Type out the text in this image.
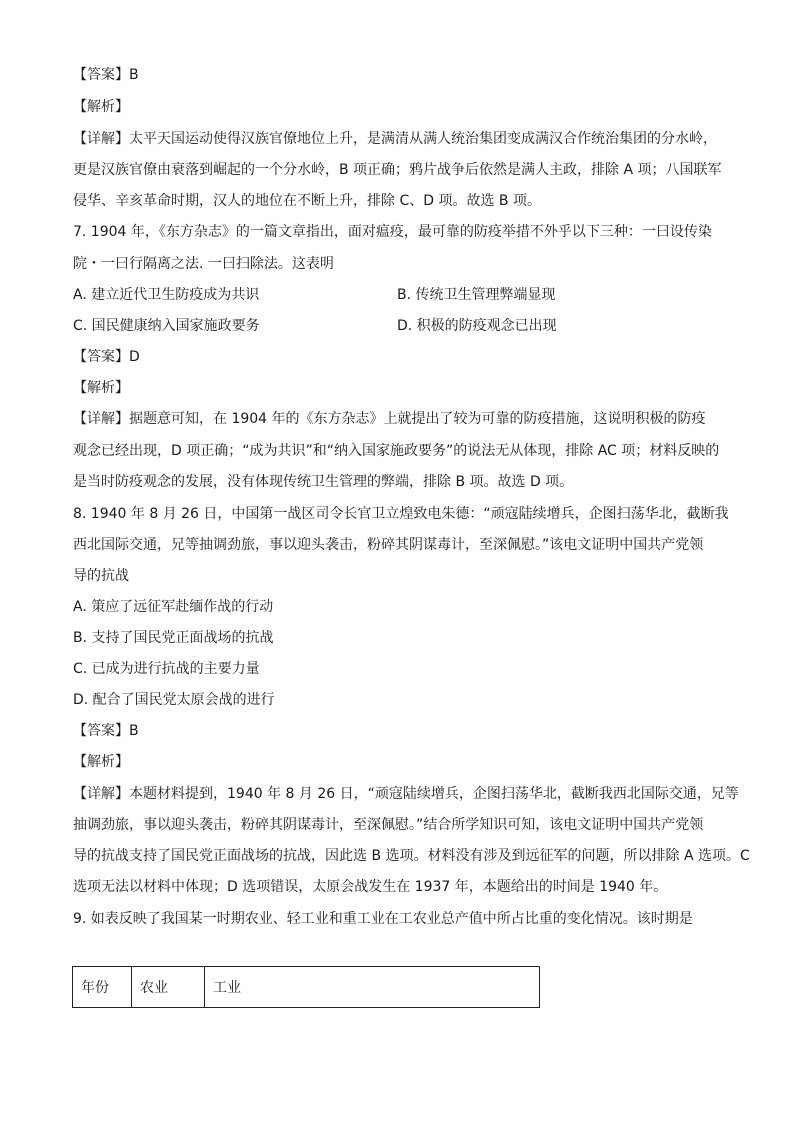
【答案】B
【解析】
【详解】太平天国运动使得汉族官僚地位上升，是满清从满人统治集团变成满汉合作统治集团的分水岭，
更是汉族官僚由衰落到崛起的一个分水岭，B 项正确；鸦片战争后依然是满人主政，排除 A 项；八国联军
侵华、辛亥革命时期，汉人的地位在不断上升，排除 C、D 项。故选 B 项。
7. 1904 年，《东方杂志》的一篇文章指出，面对瘟疫，最可靠的防疫举措不外乎以下三种：一曰设传染
院・一曰行隔离之法. 一曰扫除法。这表明
A. 建立近代卫生防疫成为共识	B. 传统卫生管理弊端显现
C. 国民健康纳入国家施政要务	D. 积极的防疫观念已出现
【答案】D
【解析】
【详解】据题意可知，在 1904 年的《东方杂志》上就提出了较为可靠的防疫措施，这说明积极的防疫
观念已经出现，D 项正确；“成为共识”和“纳入国家施政要务”的说法无从体现，排除 AC 项；材料反映的
是当时防疫观念的发展，没有体现传统卫生管理的弊端，排除 B 项。故选 D 项。
8. 1940 年 8 月 26 日，中国第一战区司令长官卫立煌致电朱德：“顽寇陆续增兵，企图扫荡华北，截断我
西北国际交通，兄等抽调劲旅，事以迎头袭击，粉碎其阴谋毒计，至深佩慰。”该电文证明中国共产党领
导的抗战
A. 策应了远征军赴缅作战的行动
B. 支持了国民党正面战场的抗战
C. 已成为进行抗战的主要力量
D. 配合了国民党太原会战的进行
【答案】B
【解析】
【详解】本题材料提到，1940 年 8 月 26 日，“顽寇陆续增兵，企图扫荡华北，截断我西北国际交通，兄等
抽调劲旅，事以迎头袭击，粉碎其阴谋毒计，至深佩慰。”结合所学知识可知，该电文证明中国共产党领
导的抗战支持了国民党正面战场的抗战，因此选 B 选项。材料没有涉及到远征军的问题，所以排除 A 选项。C
选项无法以材料中体现；D 选项错误，太原会战发生在 1937 年，本题给出的时间是 1940 年。
9. 如表反映了我国某一时期农业、轻工业和重工业在工农业总产值中所占比重的变化情况。该时期是
年份	农业	工业
